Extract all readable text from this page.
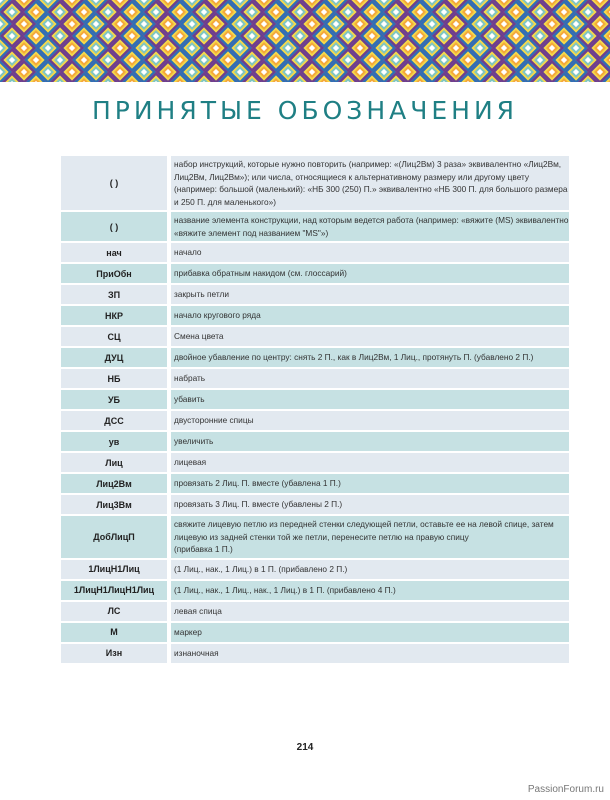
ПРИНЯТЫЕ ОБОЗНАЧЕНИЯ
( )		набор инструкций, которые нужно повторить (например: «(Лиц2Вм) 3 раза» эквивалентно «Лиц2Вм, Лиц2Вм, Лиц2Вм»); или числа, относящиеся к альтернативному размеру или другому цвету (например: большой (маленький): «НБ 300 (250) П.» эквивалентно «НБ 300 П. для большого размера и 250 П. для маленького»)
( )		название элемента конструкции, над которым ведется работа (например: «вяжите (MS) эквивалентно «вяжите элемент под названием "MS"»)
нач		начало
ПриОбн		прибавка обратным накидом (см. глоссарий)
ЗП		закрыть петли
НКР		начало кругового ряда
СЦ		Смена цвета
ДУЦ		двойное убавление по центру: снять 2 П., как в Лиц2Вм, 1 Лиц., протянуть П. (убавлено 2 П.)
НБ		набрать
УБ		убавить
ДСС		двусторонние спицы
ув		увеличить
Лиц		лицевая
Лиц2Вм		провязать 2 Лиц. П. вместе (убавлена 1 П.)
Лиц3Вм		провязать 3 Лиц. П. вместе (убавлены 2 П.)
ДобЛицП		свяжите лицевую петлю из передней стенки следующей петли, оставьте ее на левой спице, затем лицевую из задней стенки той же петли, перенесите петлю на правую спицу
(прибавка 1 П.)
1ЛицН1Лиц		(1 Лиц., нак., 1 Лиц.) в 1 П. (прибавлено 2 П.)
1ЛицН1ЛицН1Лиц		(1 Лиц., нак., 1 Лиц., нак., 1 Лиц.) в 1 П. (прибавлено 4 П.)
ЛС		левая спица
М		маркер
Изн		изнаночная
214
PassionForum.ru
